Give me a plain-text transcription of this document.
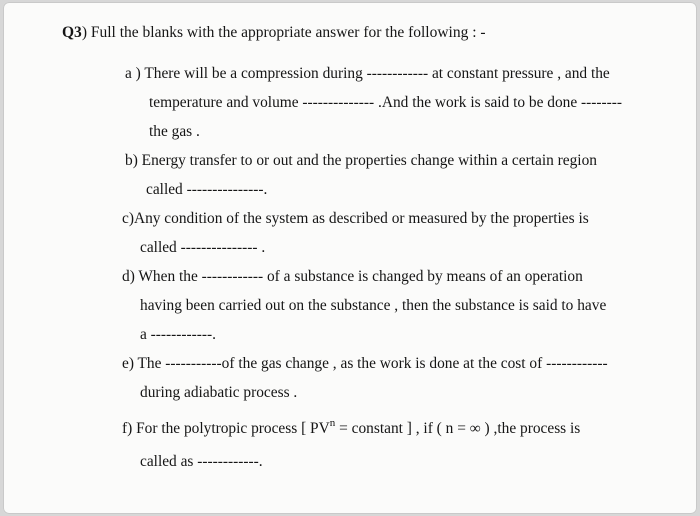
Q3) Full the blanks with the appropriate answer for the following : -
a ) There will be a compression during ------------ at constant pressure , and the
temperature and volume -------------- .And the work is said to be done --------
the gas .
b) Energy transfer to or out and the properties change within a certain region
called ---------------.
c)Any condition of the system as described or measured by the properties is
called --------------- .
d) When the ------------ of a substance is changed by means of an operation
having been carried out on the substance , then the substance is said to have
a ------------.
e) The -----------of the gas change , as the work is done at the cost of ------------
during adiabatic process .
f) For the polytropic process [ $PV^n$ = constant ] , if ( n = ∞ ) ,the process is
called as ------------.
